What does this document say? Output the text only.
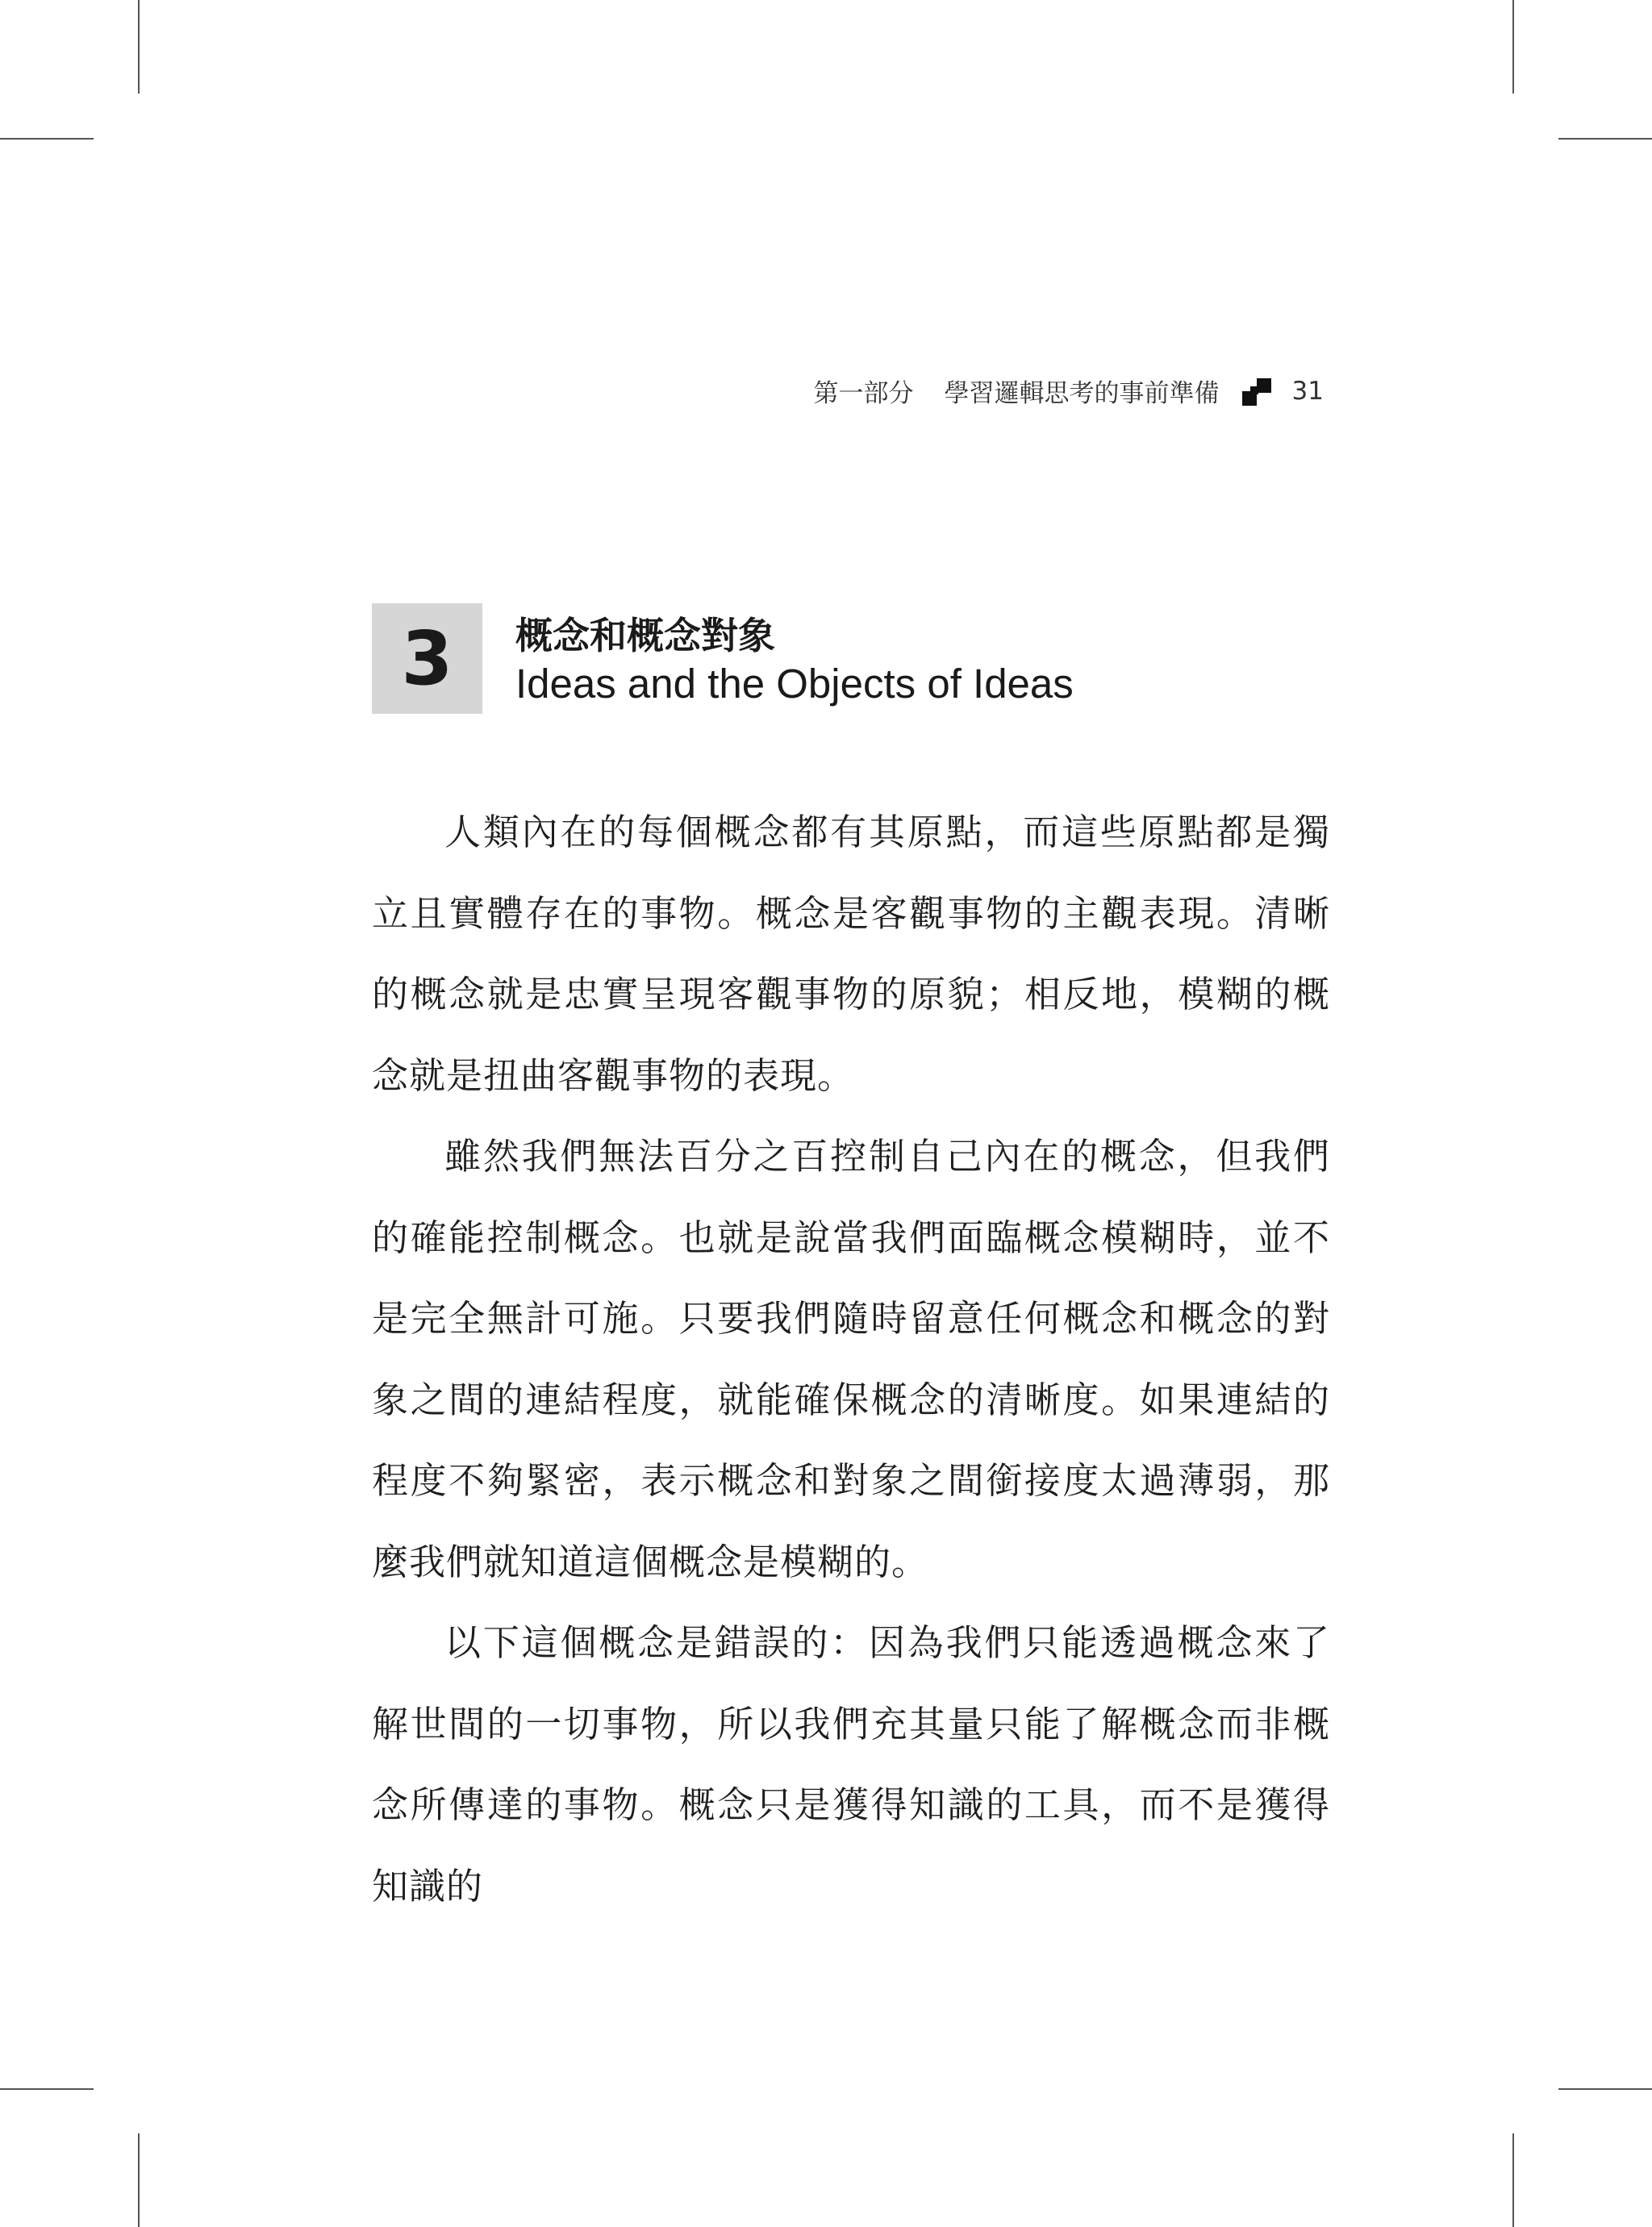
第一部分 學習邏輯思考的事前準備	31
3 概念和概念對象
Ideas and the Objects of Ideas

人類內在的每個概念都有其原點，而這些原點都是獨立且實體存在的事物。概念是客觀事物的主觀表現。清晰的概念就是忠實呈現客觀事物的原貌；相反地，模糊的概念就是扭曲客觀事物的表現。

雖然我們無法百分之百控制自己內在的概念，但我們的確能控制概念。也就是說當我們面臨概念模糊時，並不是完全無計可施。只要我們隨時留意任何概念和概念的對象之間的連結程度，就能確保概念的清晰度。如果連結的程度不夠緊密，表示概念和對象之間銜接度太過薄弱，那麼我們就知道這個概念是模糊的。

以下這個概念是錯誤的：因為我們只能透過概念來了解世間的一切事物，所以我們充其量只能了解概念而非概念所傳達的事物。概念只是獲得知識的工具，而不是獲得知識的
